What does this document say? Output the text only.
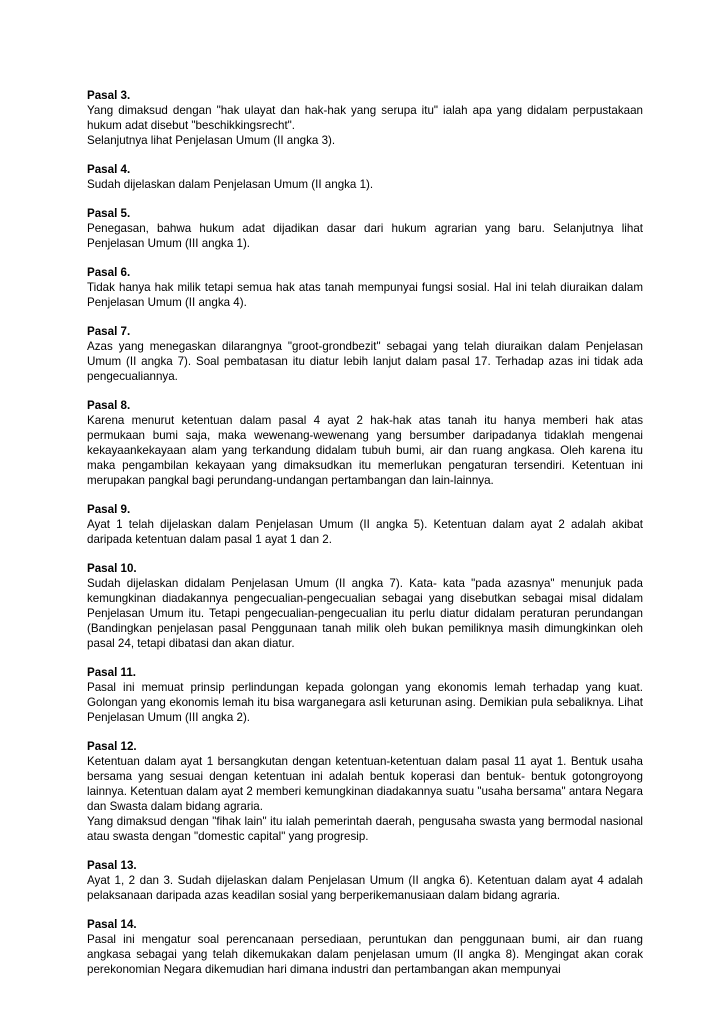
Pasal 3.
Yang dimaksud dengan "hak ulayat dan hak-hak yang serupa itu" ialah apa yang didalam perpustakaan hukum adat disebut "beschikkingsrecht".
Selanjutnya lihat Penjelasan Umum (II angka 3).
Pasal 4.
Sudah dijelaskan dalam Penjelasan Umum (II angka 1).
Pasal 5.
Penegasan, bahwa hukum adat dijadikan dasar dari hukum agrarian yang baru. Selanjutnya lihat Penjelasan Umum (III angka 1).
Pasal 6.
Tidak hanya hak milik tetapi semua hak atas tanah mempunyai fungsi sosial. Hal ini telah diuraikan dalam Penjelasan Umum (II angka 4).
Pasal 7.
Azas yang menegaskan dilarangnya "groot-grondbezit" sebagai yang telah diuraikan dalam Penjelasan Umum (II angka 7). Soal pembatasan itu diatur lebih lanjut dalam pasal 17. Terhadap azas ini tidak ada pengecualiannya.
Pasal 8.
Karena menurut ketentuan dalam pasal 4 ayat 2 hak-hak atas tanah itu hanya memberi hak atas permukaan bumi saja, maka wewenang-wewenang yang bersumber daripadanya tidaklah mengenai kekayaankekayaan alam yang terkandung didalam tubuh bumi, air dan ruang angkasa. Oleh karena itu maka pengambilan kekayaan yang dimaksudkan itu memerlukan pengaturan tersendiri. Ketentuan ini merupakan pangkal bagi perundang-undangan pertambangan dan lain-lainnya.
Pasal 9.
Ayat 1 telah dijelaskan dalam Penjelasan Umum (II angka 5). Ketentuan dalam ayat 2 adalah akibat daripada ketentuan dalam pasal 1 ayat 1 dan 2.
Pasal 10.
Sudah dijelaskan didalam Penjelasan Umum (II angka 7). Kata- kata "pada azasnya" menunjuk pada kemungkinan diadakannya pengecualian-pengecualian sebagai yang disebutkan sebagai misal didalam Penjelasan Umum itu. Tetapi pengecualian-pengecualian itu perlu diatur didalam peraturan perundangan (Bandingkan penjelasan pasal Penggunaan tanah milik oleh bukan pemiliknya masih dimungkinkan oleh pasal 24, tetapi dibatasi dan akan diatur.
Pasal 11.
Pasal ini memuat prinsip perlindungan kepada golongan yang ekonomis lemah terhadap yang kuat. Golongan yang ekonomis lemah itu bisa warganegara asli keturunan asing. Demikian pula sebaliknya. Lihat Penjelasan Umum (III angka 2).
Pasal 12.
Ketentuan dalam ayat 1 bersangkutan dengan ketentuan-ketentuan dalam pasal 11 ayat 1. Bentuk usaha bersama yang sesuai dengan ketentuan ini adalah bentuk koperasi dan bentuk- bentuk gotongroyong lainnya. Ketentuan dalam ayat 2 memberi kemungkinan diadakannya suatu "usaha bersama" antara Negara dan Swasta dalam bidang agraria.
Yang dimaksud dengan "fihak lain" itu ialah pemerintah daerah, pengusaha swasta yang bermodal nasional atau swasta dengan "domestic capital" yang progresip.
Pasal 13.
Ayat 1, 2 dan 3. Sudah dijelaskan dalam Penjelasan Umum (II angka 6). Ketentuan dalam ayat 4 adalah pelaksanaan daripada azas keadilan sosial yang berperikemanusiaan dalam bidang agraria.
Pasal 14.
Pasal ini mengatur soal perencanaan persediaan, peruntukan dan penggunaan bumi, air dan ruang angkasa sebagai yang telah dikemukakan dalam penjelasan umum (II angka 8). Mengingat akan corak perekonomian Negara dikemudian hari dimana industri dan pertambangan akan mempunyai
